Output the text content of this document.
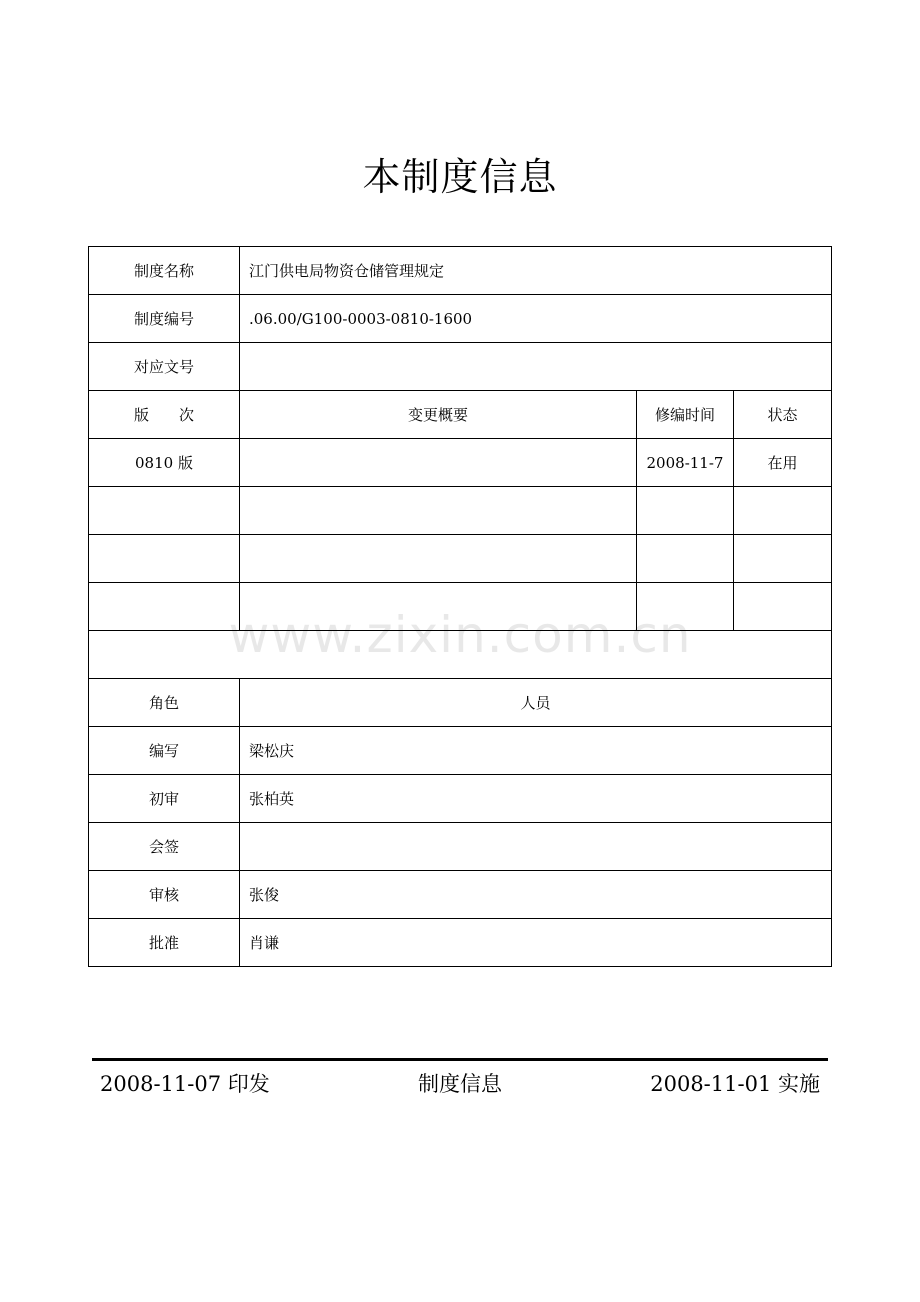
本制度信息
制度名称	江门供电局物资仓储管理规定		
制度编号	.06.00/G100-0003-0810-1600		
对应文号			
版　　次	变更概要	修编时间	状态
0810 版		2008-11-7	在用

角色	人员		
编写	梁松庆		
初审	张柏英		
会签			
审核	张俊		
批准	肖谦		
www.zixin.com.cn
2008-11-07 印发	制度信息	2008-11-01 实施
